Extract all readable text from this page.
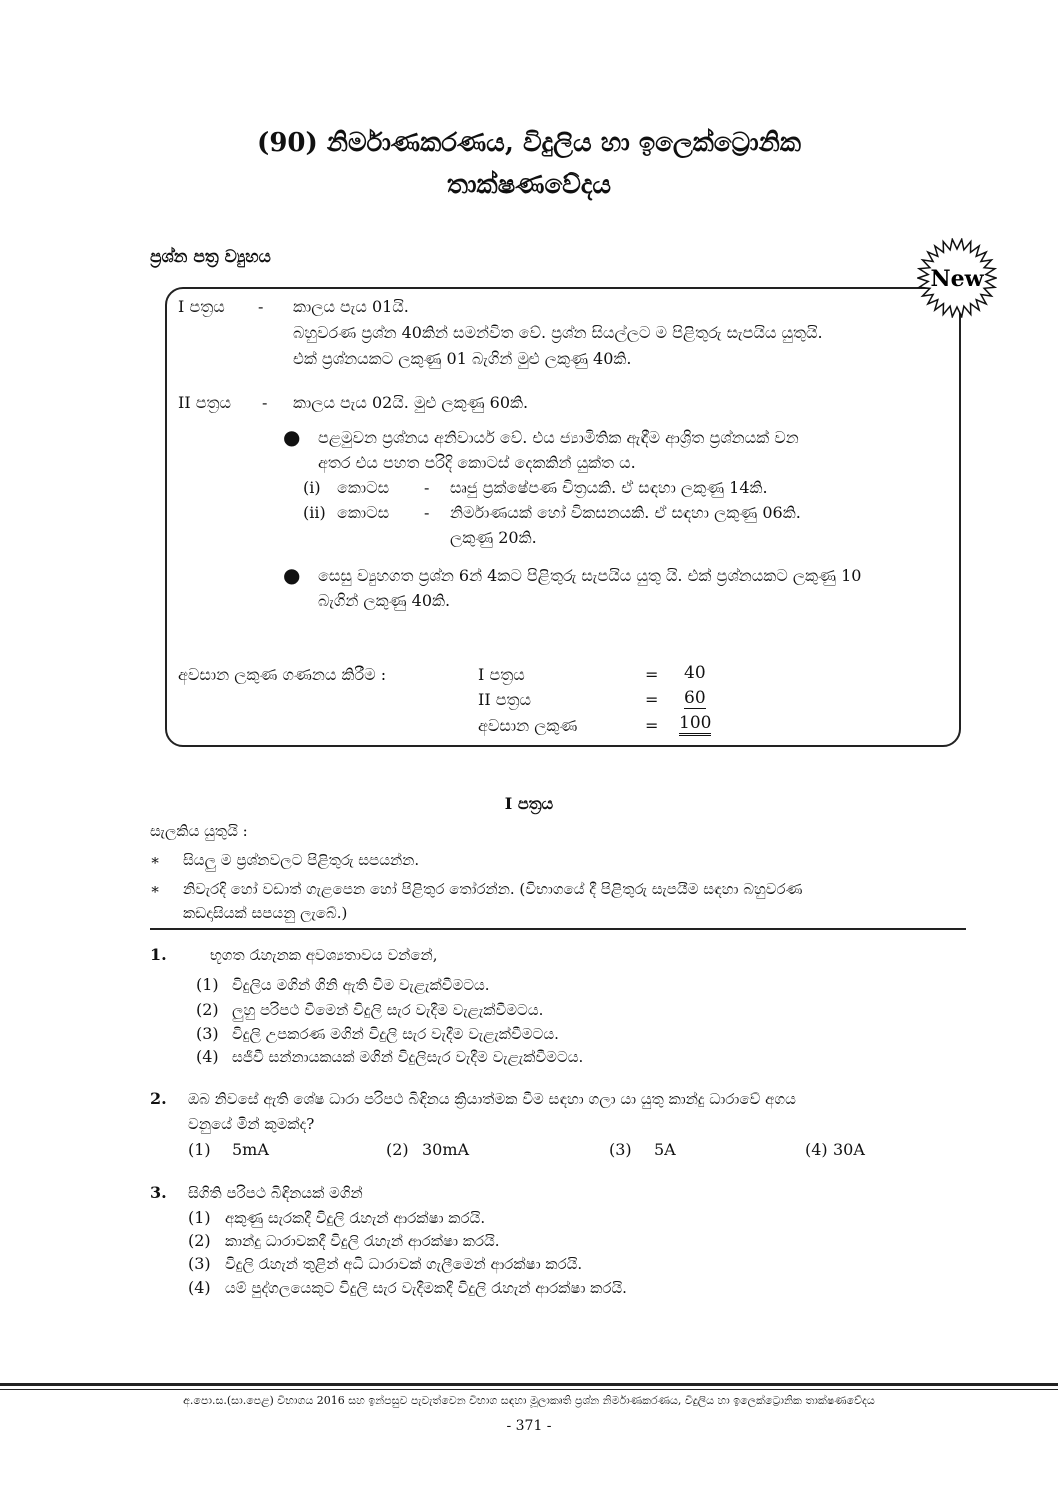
(90) නිර්මාණකරණය, විදුලිය හා ඉලෙක්ට්‍රොනික
තාක්ෂණවේදය
ප්‍රශ්න පත්‍ර ව්‍යුහය
New
I පත්‍රය - කාලය පැය 01යි.
බහුවරණ ප්‍රශ්න 40කින් සමන්විත වේ. ප්‍රශ්න සියල්ලට ම පිළිතුරු සැපයිය යුතුයි.
එක් ප්‍රශ්නයකට ලකුණු 01 බැගින් මුළු ලකුණු 40කි.
II පත්‍රය - කාලය පැය 02යි. මුළු ලකුණු 60කි.
● පළමුවන ප්‍රශ්නය අනිවාර්ය වේ. එය ජ්‍යාමිතික ඇඳීම ආශ්‍රිත ප්‍රශ්නයක් වන
අතර එය පහත පරිදි කොටස් දෙකකින් යුක්ත ය.
(i) කොටස - සෘජු ප්‍රක්ෂේපණ චිත්‍රයකි. ඒ සඳහා ලකුණු 14කි.
(ii) කොටස - නිර්මාණයක් හෝ විකසනයකි. ඒ සඳහා ලකුණු 06කි.
ලකුණු 20කි.
● සෙසු ව්‍යුහගත ප්‍රශ්න 6න් 4කට පිළිතුරු සැපයිය යුතු යි. එක් ප්‍රශ්නයකට ලකුණු 10
බැගින් ලකුණු 40කි.
අවසාන ලකුණ ගණනය කිරීම :	I පත්‍රය	= 40
II පත්‍රය	= 60
අවසාන ලකුණ	= 100
I පත්‍රය
සැලකිය යුතුයි :
∗ සියලු ම ප්‍රශ්නවලට පිළිතුරු සපයන්න.
∗ නිවැරදි හෝ වඩාත් ගැළපෙන හෝ පිළිතුර තෝරන්න. (විභාගයේ දී පිළිතුරු සැපයීම සඳහා බහුවරණ
කඩදාසියක් සපයනු ලැබේ.)
1.	භූගත රැහැනක අවශ්‍යතාවය වන්නේ,
(1) විදුලිය මගින් ගිනි ඇති වීම වැළැක්වීමටය.
(2) ලුහු පරිපථ වීමෙන් විදුලි සැර වැදීම වැළැක්වීමටය.
(3) විදුලි උපකරණ මගින් විදුලි සැර වැදීම වැළැක්වීමටය.
(4) සජීවී සන්නායකයක් මගින් විදුලිසැර වැදීම වැළැක්වීමටය.
2. ඔබ නිවසේ ඇති ශේෂ ධාරා පරිපථ බිඳිනය ක්‍රියාත්මක වීම සඳහා ගලා යා යුතු කාන්දු ධාරාවේ අගය
වනුයේ මින් කුමක්ද?
(1) 5mA	(2) 30mA	(3) 5A	(4) 30A
3. සිගිති පරිපථ බිඳිනයක් මගින්
(1) අකුණු සැරකදී විදුලි රැහැන් ආරක්ෂා කරයි.
(2) කාන්දු ධාරාවකදී විදුලි රැහැන් ආරක්ෂා කරයි.
(3) විදුලි රැහැන් තුළින් අධි ධාරාවක් ගැලීමෙන් ආරක්ෂා කරයි.
(4) යම් පුද්ගලයෙකුට විදුලි සැර වැදීමකදී විදුලි රැහැන් ආරක්ෂා කරයි.
අ.පො.ස.(සා.පෙළ) විභාගය 2016 සහ ඉන්පසුව පැවැත්වෙන විභාග සඳහා මූලාකෘති ප්‍රශ්න නිර්මාණකරණය, විදුලිය හා ඉලෙක්ට්‍රොනික තාක්ෂණවේදය
- 371 -
